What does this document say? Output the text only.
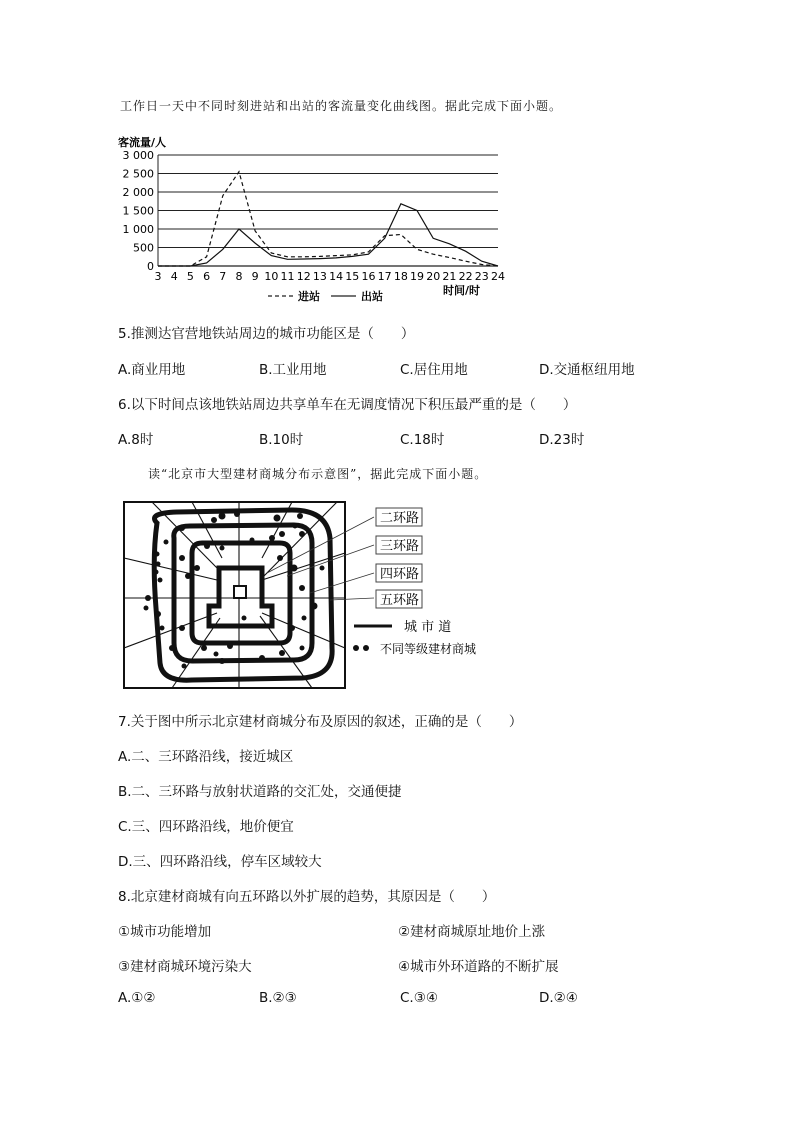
工作日一天中不同时刻进站和出站的客流量变化曲线图。据此完成下面小题。
3 000
2 500
2 000
1 500
1 000
500
0
3 4 5 6 7 8 9 10 11 12 13 14 15 16 17 18 19 20 21 22 23 24
客流量/人
时间/时
进站	出站
5.推测达官营地铁站周边的城市功能区是（　　）
A.商业用地	B.工业用地	C.居住用地	D.交通枢纽用地
6.以下时间点该地铁站周边共享单车在无调度情况下积压最严重的是（　　）
A.8时	B.10时	C.18时	D.23时
读“北京市大型建材商城分布示意图”，据此完成下面小题。
二环路
三环路
四环路
五环路
城 市 道
不同等级建材商城
7.关于图中所示北京建材商城分布及原因的叙述，正确的是（　　）
A.二、三环路沿线，接近城区
B.二、三环路与放射状道路的交汇处，交通便捷
C.三、四环路沿线，地价便宜
D.三、四环路沿线，停车区域较大
8.北京建材商城有向五环路以外扩展的趋势，其原因是（　　）
①城市功能增加	②建材商城原址地价上涨
③建材商城环境污染大	④城市外环道路的不断扩展
A.①②	B.②③	C.③④	D.②④
